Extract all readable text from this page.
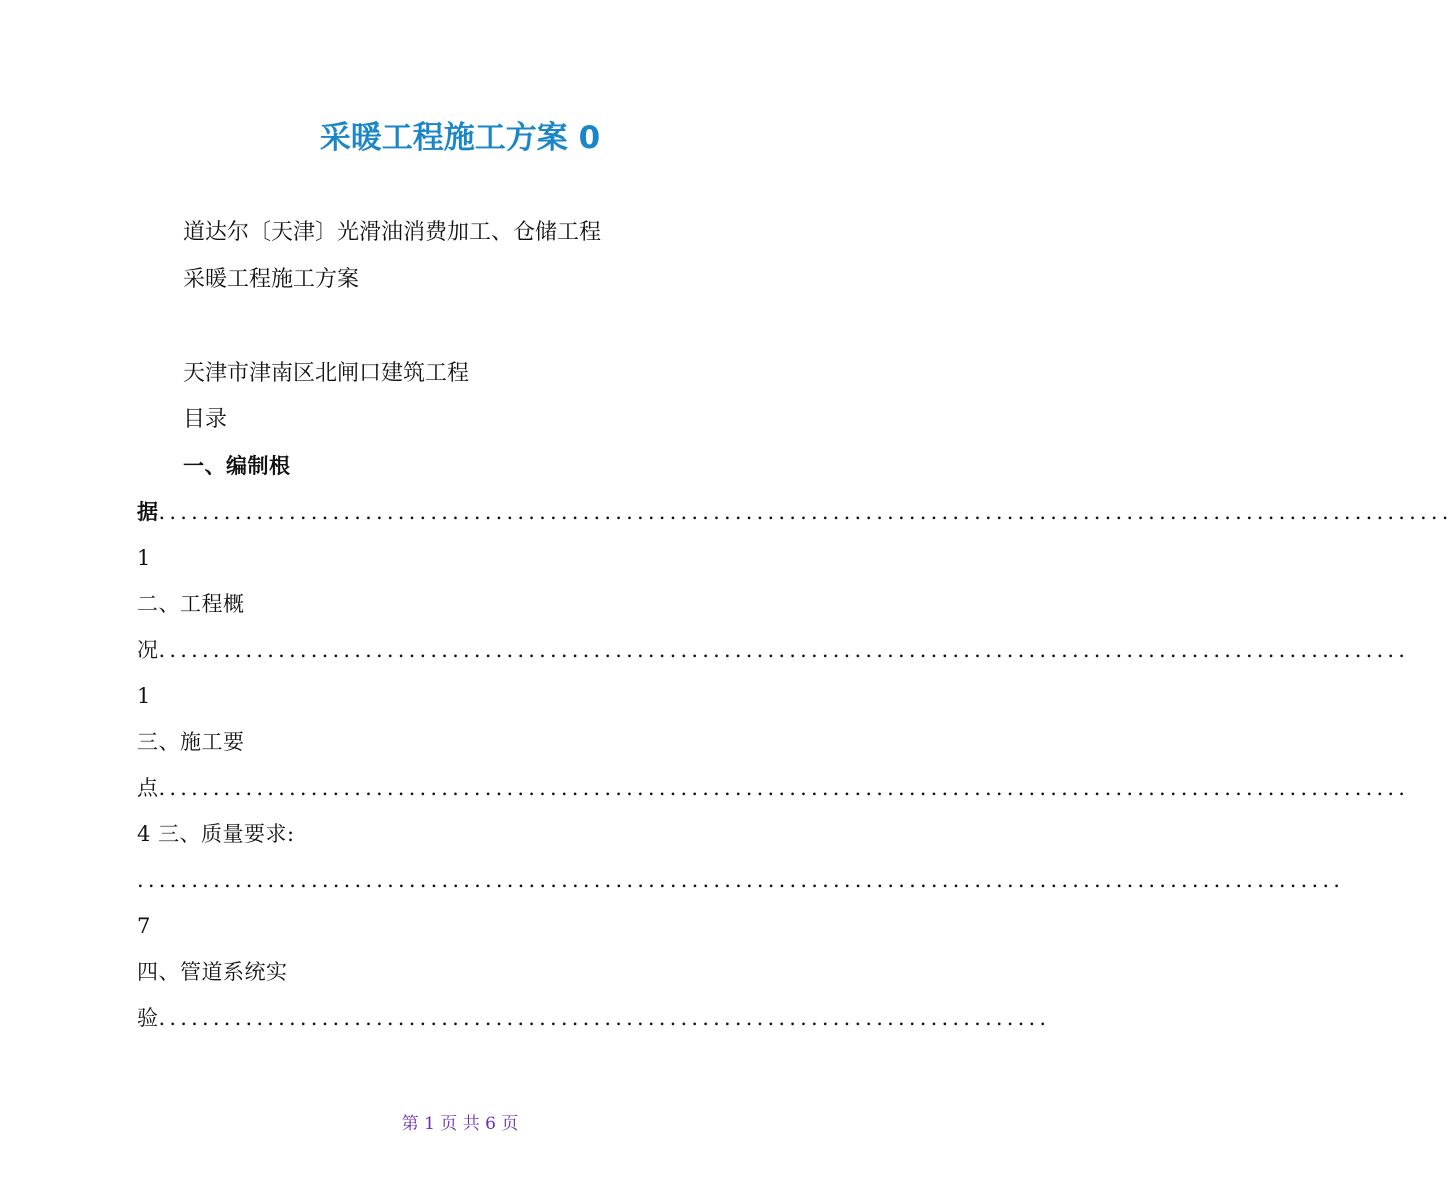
采暖工程施工方案 0
道达尔〔天津〕光滑油消费加工、仓储工程
采暖工程施工方案
天津市津南区北闸口建筑工程
目录
一、编制根据....................................................................................................................... 1
二、工程概况................................................................................................................... 1
三、施工要点................................................................................................................... 4 三、质量要求:
............................................................................................................... 7
四、管道系统实验..................................................................................
第 1 页 共 6 页
